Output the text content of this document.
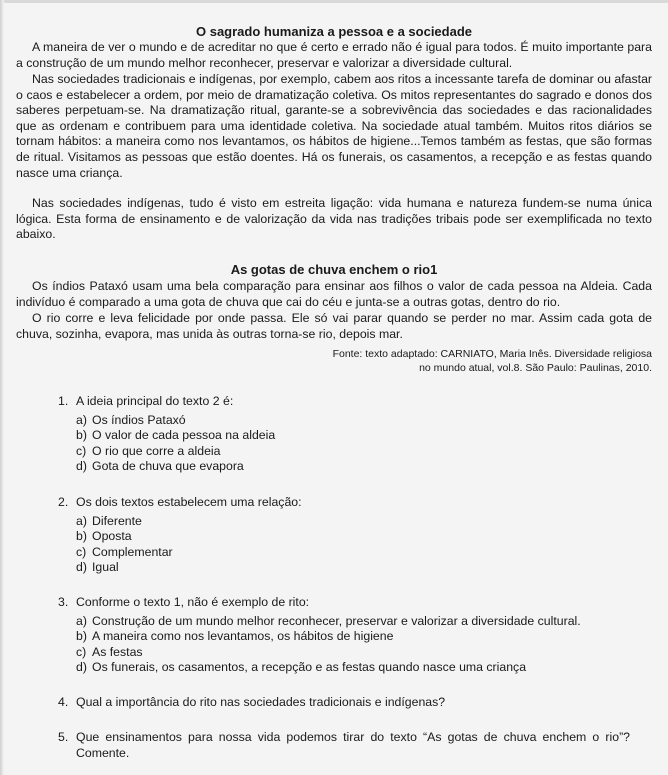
O sagrado humaniza a pessoa e a sociedade

A maneira de ver o mundo e de acreditar no que é certo e errado não é igual para todos. É muito importante para a construção de um mundo melhor reconhecer, preservar e valorizar a diversidade cultural.

Nas sociedades tradicionais e indígenas, por exemplo, cabem aos ritos a incessante tarefa de dominar ou afastar o caos e estabelecer a ordem, por meio de dramatização coletiva. Os mitos representantes do sagrado e donos dos saberes perpetuam-se. Na dramatização ritual, garante-se a sobrevivência das sociedades e das racionalidades que as ordenam e contribuem para uma identidade coletiva. Na sociedade atual também. Muitos ritos diários se tornam hábitos: a maneira como nos levantamos, os hábitos de higiene...Temos também as festas, que são formas de ritual. Visitamos as pessoas que estão doentes. Há os funerais, os casamentos, a recepção e as festas quando nasce uma criança.

Nas sociedades indígenas, tudo é visto em estreita ligação: vida humana e natureza fundem-se numa única lógica. Esta forma de ensinamento e de valorização da vida nas tradições tribais pode ser exemplificada no texto abaixo.

As gotas de chuva enchem o rio1

Os índios Pataxó usam uma bela comparação para ensinar aos filhos o valor de cada pessoa na Aldeia. Cada indivíduo é comparado a uma gota de chuva que cai do céu e junta-se a outras gotas, dentro do rio.

O rio corre e leva felicidade por onde passa. Ele só vai parar quando se perder no mar. Assim cada gota de chuva, sozinha, evapora, mas unida às outras torna-se rio, depois mar.

Fonte: texto adaptado: CARNIATO, Maria Inês. Diversidade religiosa
no mundo atual, vol.8. São Paulo: Paulinas, 2010.
1. A ideia principal do texto 2 é:
a) Os índios Pataxó
b) O valor de cada pessoa na aldeia
c) O rio que corre a aldeia
d) Gota de chuva que evapora
2. Os dois textos estabelecem uma relação:
a) Diferente
b) Oposta
c) Complementar
d) Igual
3. Conforme o texto 1, não é exemplo de rito:
a) Construção de um mundo melhor reconhecer, preservar e valorizar a diversidade cultural.
b) A maneira como nos levantamos, os hábitos de higiene
c) As festas
d) Os funerais, os casamentos, a recepção e as festas quando nasce uma criança
4. Qual a importância do rito nas sociedades tradicionais e indígenas?
5. Que ensinamentos para nossa vida podemos tirar do texto “As gotas de chuva enchem o rio”? Comente.
